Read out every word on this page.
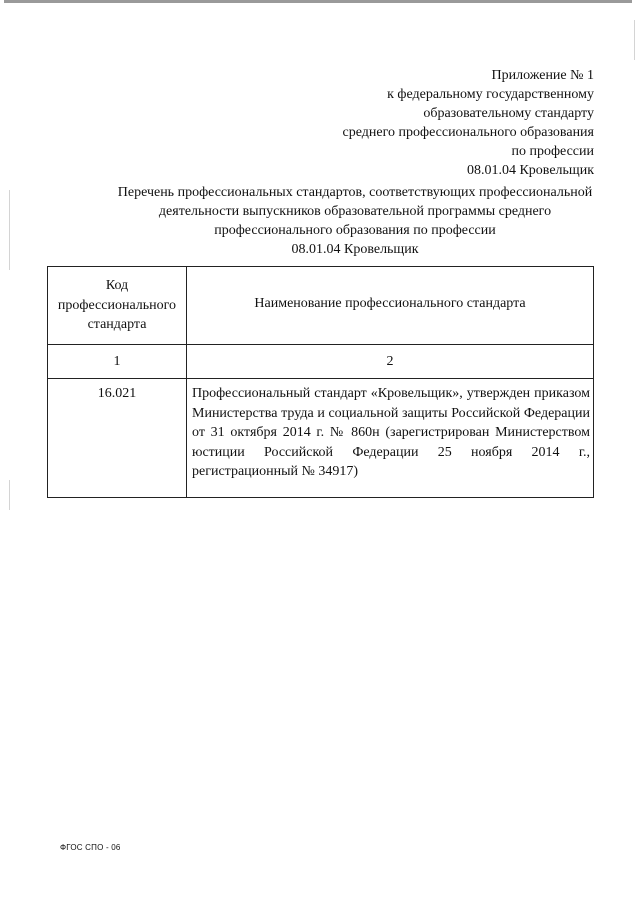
Приложение № 1
к федеральному государственному
образовательному стандарту
среднего профессионального образования
по профессии
08.01.04 Кровельщик
Перечень профессиональных стандартов, соответствующих профессиональной
деятельности выпускников образовательной программы среднего
профессионального образования по профессии
08.01.04 Кровельщик
Код профессионального стандарта	Наименование профессионального стандарта
1	2
16.021	Профессиональный стандарт «Кровельщик», утвержден приказом Министерства труда и социальной защиты Российской Федерации от 31 октября 2014 г. № 860н (зарегистрирован Министерством юстиции Российской Федерации 25 ноября 2014 г., регистрационный № 34917)
ФГОС СПО - 06
